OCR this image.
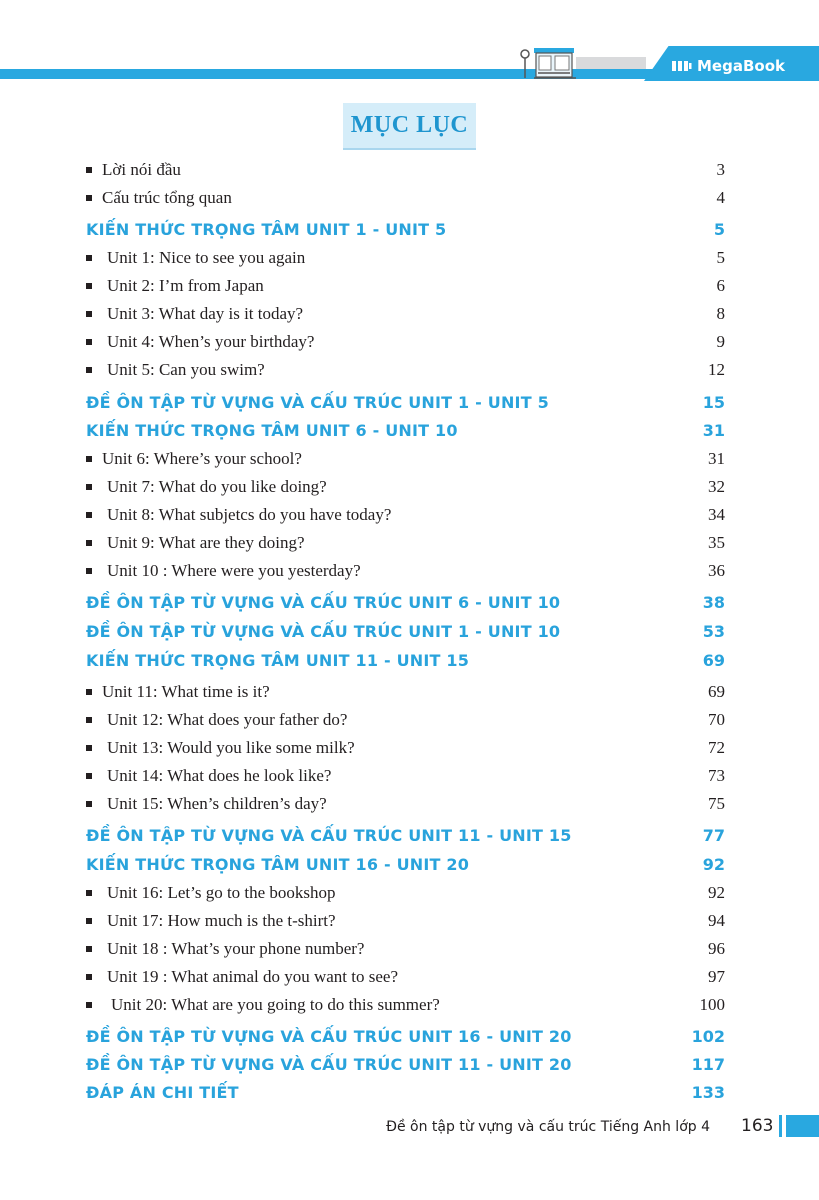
MegaBook
MỤC LỤC
Lời nói đầu	3
Cấu trúc tổng quan	4
KIẾN THỨC TRỌNG TÂM UNIT 1 - UNIT 5	5
Unit 1: Nice to see you again	5
Unit 2: I’m from Japan	6
Unit 3: What day is it today?	8
Unit 4: When’s your birthday?	9
Unit 5: Can you swim?	12
ĐỀ ÔN TẬP TỪ VỰNG VÀ CẤU TRÚC UNIT 1 - UNIT 5	15
KIẾN THỨC TRỌNG TÂM UNIT 6 - UNIT 10	31
Unit 6: Where’s your school?	31
Unit 7: What do you like doing?	32
Unit 8: What subjetcs do you have today?	34
Unit 9: What are they doing?	35
Unit 10 : Where were you yesterday?	36
ĐỀ ÔN TẬP TỪ VỰNG VÀ CẤU TRÚC UNIT 6 - UNIT 10	38
ĐỀ ÔN TẬP TỪ VỰNG VÀ CẤU TRÚC UNIT 1 - UNIT 10	53
KIẾN THỨC TRỌNG TÂM UNIT 11 - UNIT 15	69
Unit 11: What time is it?	69
Unit 12: What does your father do?	70
Unit 13: Would you like some milk?	72
Unit 14: What does he look like?	73
Unit 15: When’s children’s day?	75
ĐỀ ÔN TẬP TỪ VỰNG VÀ CẤU TRÚC UNIT 11 - UNIT 15	77
KIẾN THỨC TRỌNG TÂM UNIT 16 - UNIT 20	92
Unit 16: Let’s go to the bookshop	92
Unit 17: How much is the t-shirt?	94
Unit 18 : What’s your phone number?	96
Unit 19 : What animal do you want to see?	97
Unit 20: What are you going to do this summer?	100
ĐỀ ÔN TẬP TỪ VỰNG VÀ CẤU TRÚC UNIT 16 - UNIT 20	102
ĐỀ ÔN TẬP TỪ VỰNG VÀ CẤU TRÚC UNIT 11 - UNIT 20	117
ĐÁP ÁN CHI TIẾT	133
Đề ôn tập từ vựng và cấu trúc Tiếng Anh lớp 4 163
